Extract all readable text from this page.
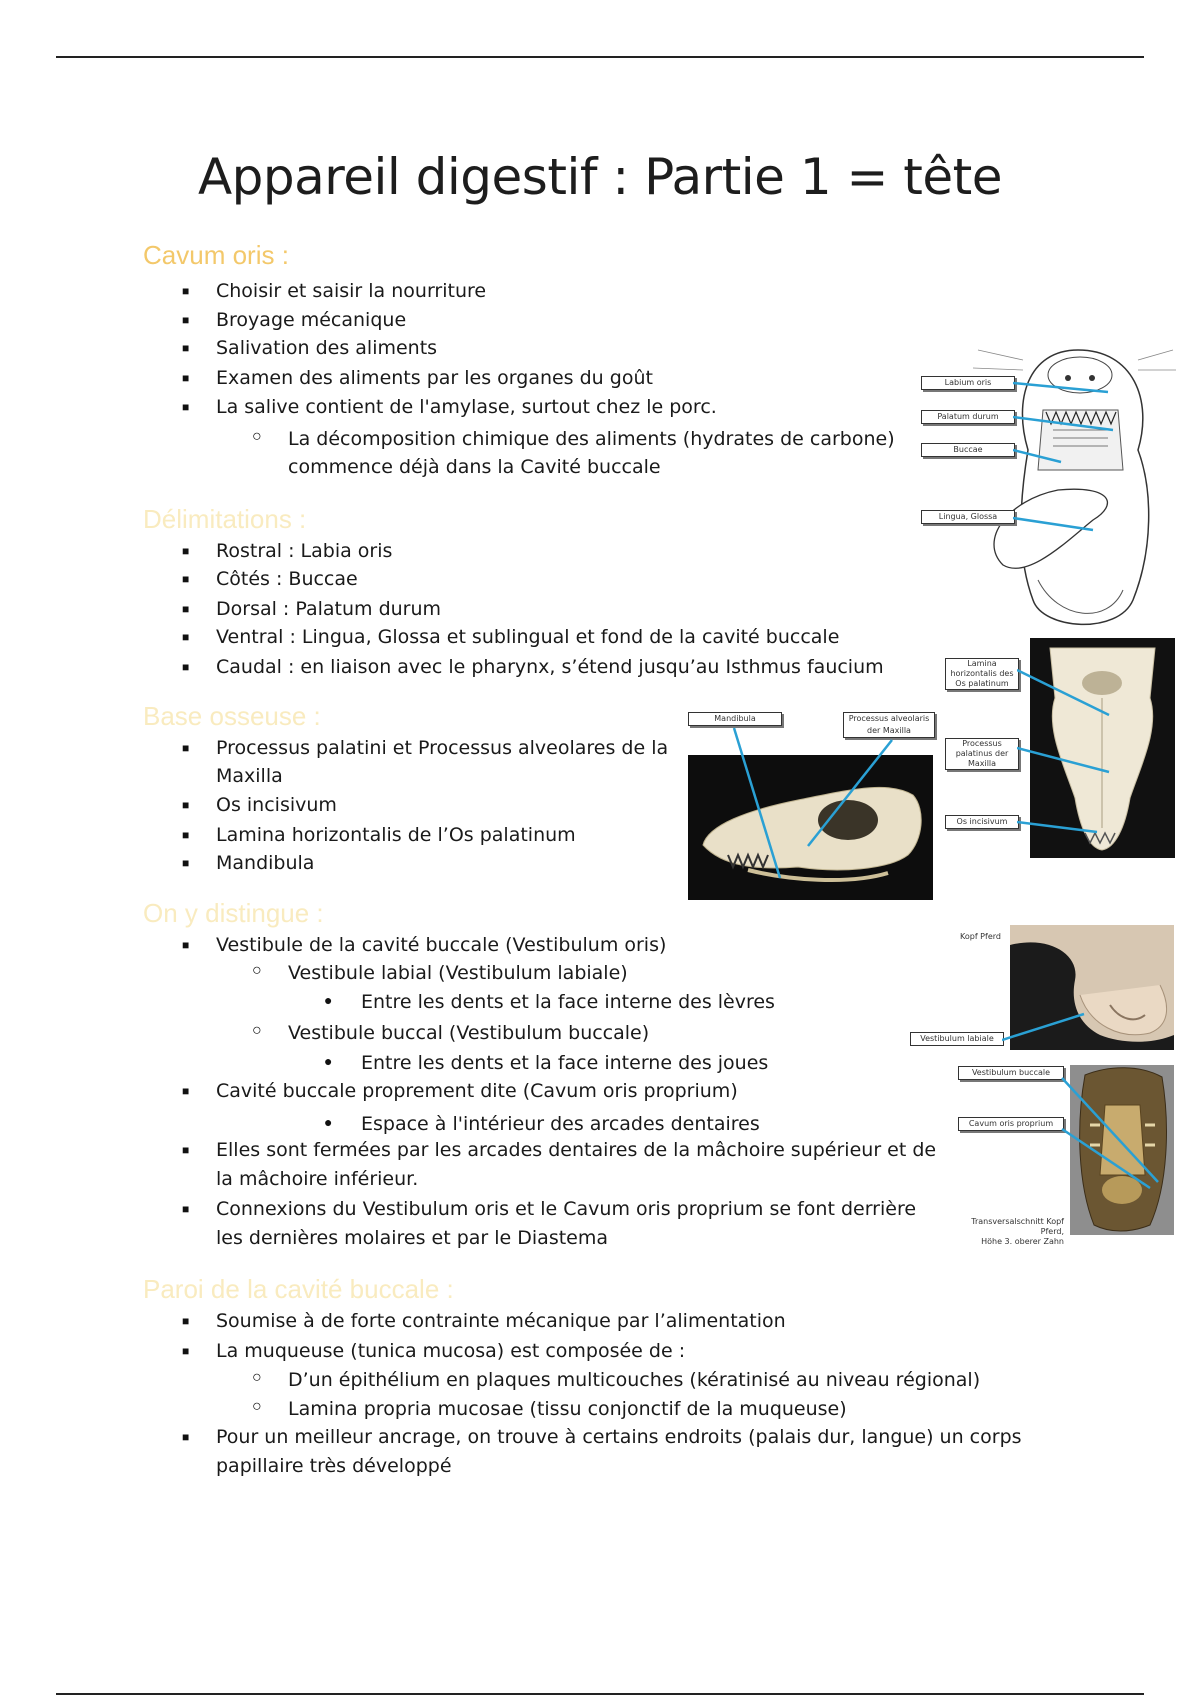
Appareil digestif : Partie 1 = tête
Cavum oris :
■ Choisir et saisir la nourriture

■ Broyage mécanique

■ Salivation des aliments

■ Examen des aliments par les organes du goût

■ La salive contient de l'amylase, surtout chez le porc.

○ La décomposition chimique des aliments (hydrates de carbone)

commence déjà dans la Cavité buccale

Délimitations :
■ Rostral : Labia oris

■ Côtés : Buccae

■ Dorsal : Palatum durum

■ Ventral : Lingua, Glossa et sublingual et fond de la cavité buccale

■ Caudal : en liaison avec le pharynx, s’étend jusqu’au Isthmus faucium

Base osseuse :
■ Processus palatini et Processus alveolares de la

Maxilla

■ Os incisivum

■ Lamina horizontalis de l’Os palatinum

■ Mandibula

On y distingue :
■ Vestibule de la cavité buccale (Vestibulum oris)

○ Vestibule labial (Vestibulum labiale)

● Entre les dents et la face interne des lèvres

○ Vestibule buccal (Vestibulum buccale)

● Entre les dents et la face interne des joues

■ Cavité buccale proprement dite (Cavum oris proprium)

● Espace à l'intérieur des arcades dentaires

■ Elles sont fermées par les arcades dentaires de la mâchoire supérieur et de

la mâchoire inférieur.

■ Connexions du Vestibulum oris et le Cavum oris proprium se font derrière

les dernières molaires et par le Diastema

Paroi de la cavité buccale :
■ Soumise à de forte contrainte mécanique par l’alimentation

■ La muqueuse (tunica mucosa) est composée de :

○ D’un épithélium en plaques multicouches (kératinisé au niveau régional)

○ Lamina propria mucosae (tissu conjonctif de la muqueuse)

■ Pour un meilleur ancrage, on trouve à certains endroits (palais dur, langue) un corps

papillaire très développé

Labium oris
Palatum durum
Buccae
Lingua, Glossa
Mandibula	Processus alveolaris der Maxilla
Lamina horizontalis des Os palatinum
Processus palatinus der Maxilla
Os incisivum
Kopf Pferd
Vestibulum labiale
Vestibulum buccale
Cavum oris proprium
Transversalschnitt Kopf Pferd,
Höhe 3. oberer Zahn
